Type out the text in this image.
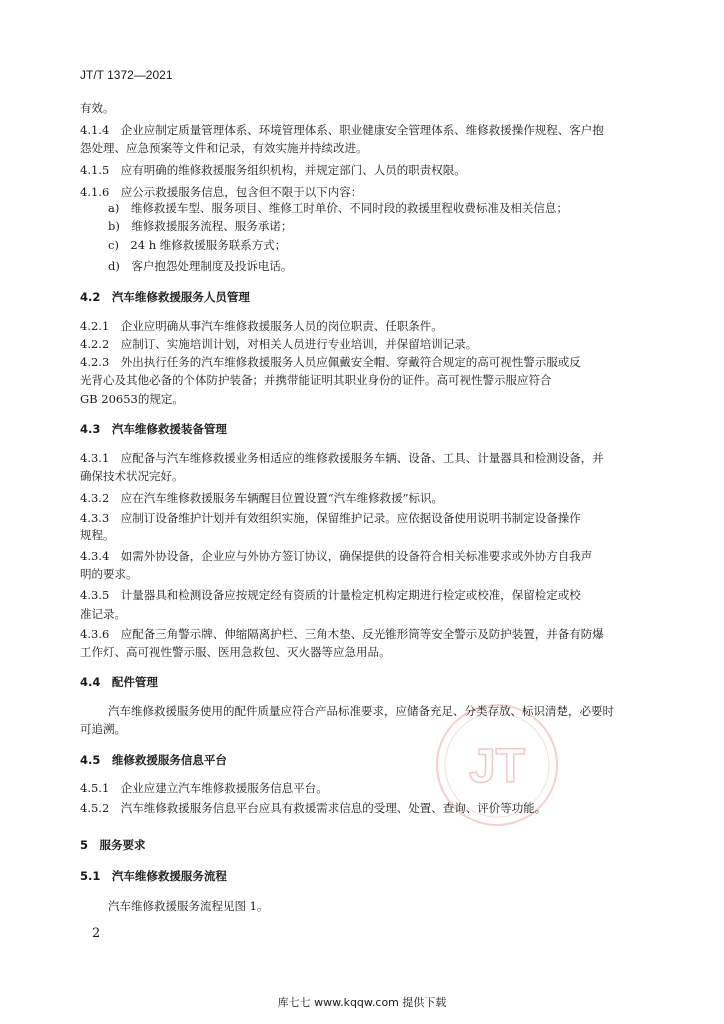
JT/T 1372—2021
JT
有效。
4.1.4　企业应制定质量管理体系、环境管理体系、职业健康安全管理体系、维修救援操作规程、客户抱
怨处理、应急预案等文件和记录，有效实施并持续改进。
4.1.5　应有明确的维修救援服务组织机构，并规定部门、人员的职责权限。
4.1.6　应公示救援服务信息，包含但不限于以下内容：
a)　维修救援车型、服务项目、维修工时单价、不同时段的救援里程收费标准及相关信息；
b)　维修救援服务流程、服务承诺；
c)　24 h 维修救援服务联系方式；
d)　客户抱怨处理制度及投诉电话。
4.2　汽车维修救援服务人员管理
4.2.1　企业应明确从事汽车维修救援服务人员的岗位职责、任职条件。
4.2.2　应制订、实施培训计划，对相关人员进行专业培训，并保留培训记录。
4.2.3　外出执行任务的汽车维修救援服务人员应佩戴安全帽、穿戴符合规定的高可视性警示服或反
光背心及其他必备的个体防护装备；并携带能证明其职业身份的证件。高可视性警示服应符合
GB 20653的规定。
4.3　汽车维修救援装备管理
4.3.1　应配备与汽车维修救援业务相适应的维修救援服务车辆、设备、工具、计量器具和检测设备，并
确保技术状况完好。
4.3.2　应在汽车维修救援服务车辆醒目位置设置“汽车维修救援”标识。
4.3.3　应制订设备维护计划并有效组织实施，保留维护记录。应依据设备使用说明书制定设备操作
规程。
4.3.4　如需外协设备，企业应与外协方签订协议，确保提供的设备符合相关标准要求或外协方自我声
明的要求。
4.3.5　计量器具和检测设备应按规定经有资质的计量检定机构定期进行检定或校准，保留检定或校
准记录。
4.3.6　应配备三角警示牌、伸缩隔离护栏、三角木垫、反光锥形筒等安全警示及防护装置，并备有防爆
工作灯、高可视性警示服、医用急救包、灭火器等应急用品。
4.4　配件管理
汽车维修救援服务使用的配件质量应符合产品标准要求，应储备充足、分类存放、标识清楚，必要时
可追溯。
4.5　维修救援服务信息平台
4.5.1　企业应建立汽车维修救援服务信息平台。
4.5.2　汽车维修救援服务信息平台应具有救援需求信息的受理、处置、查询、评价等功能。
5　服务要求
5.1　汽车维修救援服务流程
汽车维修救援服务流程见图 1。
2
库七七 www.kqqw.com 提供下载
